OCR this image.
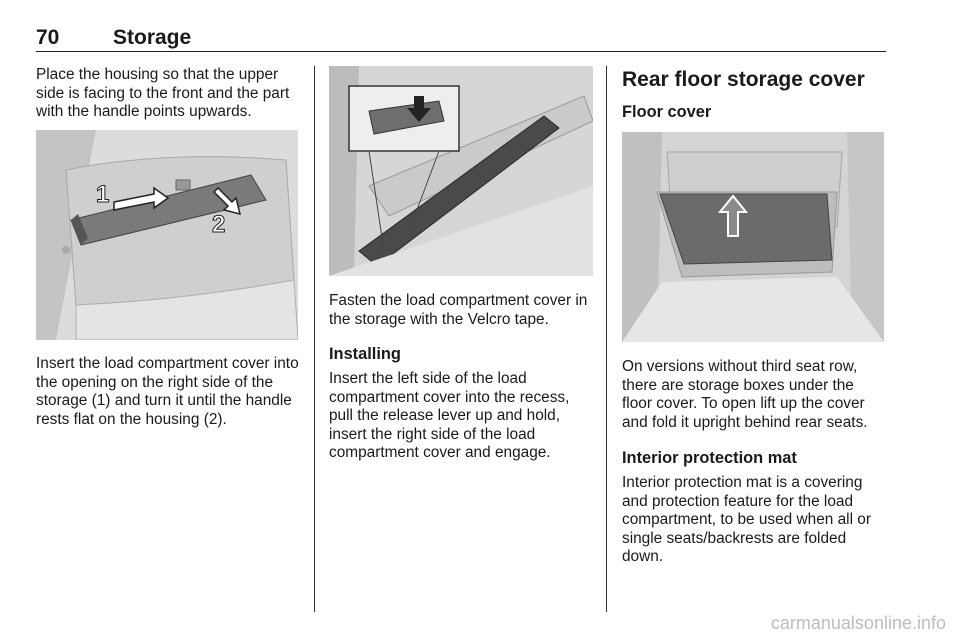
70	Storage

Place the housing so that the upper side is facing to the front and the part with the handle points upwards.

1
2

Insert the load compartment cover into the opening on the right side of the storage (1) and turn it until the handle rests flat on the housing (2).

Fasten the load compartment cover in the storage with the Velcro tape.

Installing

Insert the left side of the load compartment cover into the recess, pull the release lever up and hold, insert the right side of the load compartment cover and engage.

Rear floor storage cover
Floor cover

On versions without third seat row, there are storage boxes under the floor cover. To open lift up the cover and fold it upright behind rear seats.

Interior protection mat

Interior protection mat is a covering and protection feature for the load compartment, to be used when all or single seats/backrests are folded down.

carmanualsonline.info
